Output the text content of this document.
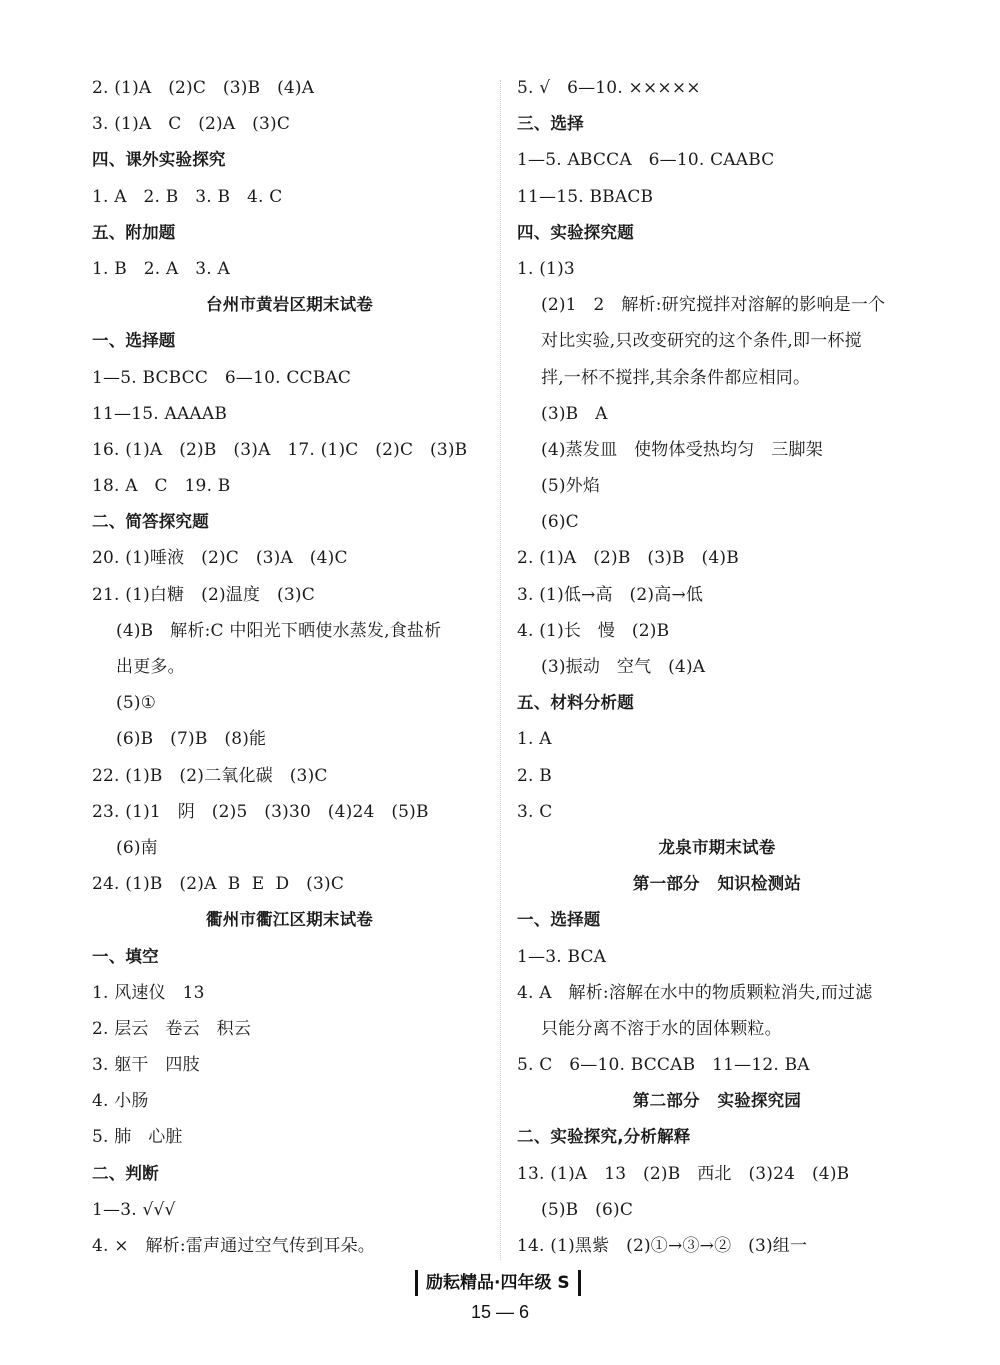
2. (1)A   (2)C   (3)B   (4)A
3. (1)A   C   (2)A   (3)C
四、课外实验探究
1. A   2. B   3. B   4. C
五、附加题
1. B   2. A   3. A
台州市黄岩区期末试卷
一、选择题
1—5. BCBCC   6—10. CCBAC
11—15. AAAAB
16. (1)A   (2)B   (3)A   17. (1)C   (2)C   (3)B
18. A   C   19. B
二、简答探究题
20. (1)唾液   (2)C   (3)A   (4)C
21. (1)白糖   (2)温度   (3)C
(4)B   解析:C 中阳光下晒使水蒸发,食盐析
出更多。
(5)①
(6)B   (7)B   (8)能
22. (1)B   (2)二氧化碳   (3)C
23. (1)1   阴   (2)5   (3)30   (4)24   (5)B
(6)南
24. (1)B   (2)A  B  E  D   (3)C
衢州市衢江区期末试卷
一、填空
1. 风速仪   13
2. 层云   卷云   积云
3. 躯干   四肢
4. 小肠
5. 肺   心脏
二、判断
1—3. √√√
4. ×   解析:雷声通过空气传到耳朵。
5. √   6—10. ×××××
三、选择
1—5. ABCCA   6—10. CAABC
11—15. BBACB
四、实验探究题
1. (1)3
(2)1   2   解析:研究搅拌对溶解的影响是一个
对比实验,只改变研究的这个条件,即一杯搅
拌,一杯不搅拌,其余条件都应相同。
(3)B   A
(4)蒸发皿   使物体受热均匀   三脚架
(5)外焰
(6)C
2. (1)A   (2)B   (3)B   (4)B
3. (1)低→高   (2)高→低
4. (1)长   慢   (2)B
(3)振动   空气   (4)A
五、材料分析题
1. A
2. B
3. C
龙泉市期末试卷
第一部分   知识检测站
一、选择题
1—3. BCA
4. A   解析:溶解在水中的物质颗粒消失,而过滤
只能分离不溶于水的固体颗粒。
5. C   6—10. BCCAB   11—12. BA
第二部分   实验探究园
二、实验探究,分析解释
13. (1)A   13   (2)B   西北   (3)24   (4)B
(5)B   (6)C
14. (1)黑紫   (2)①→③→②   (3)组一
励耘精品·四年级 S
15 — 6
